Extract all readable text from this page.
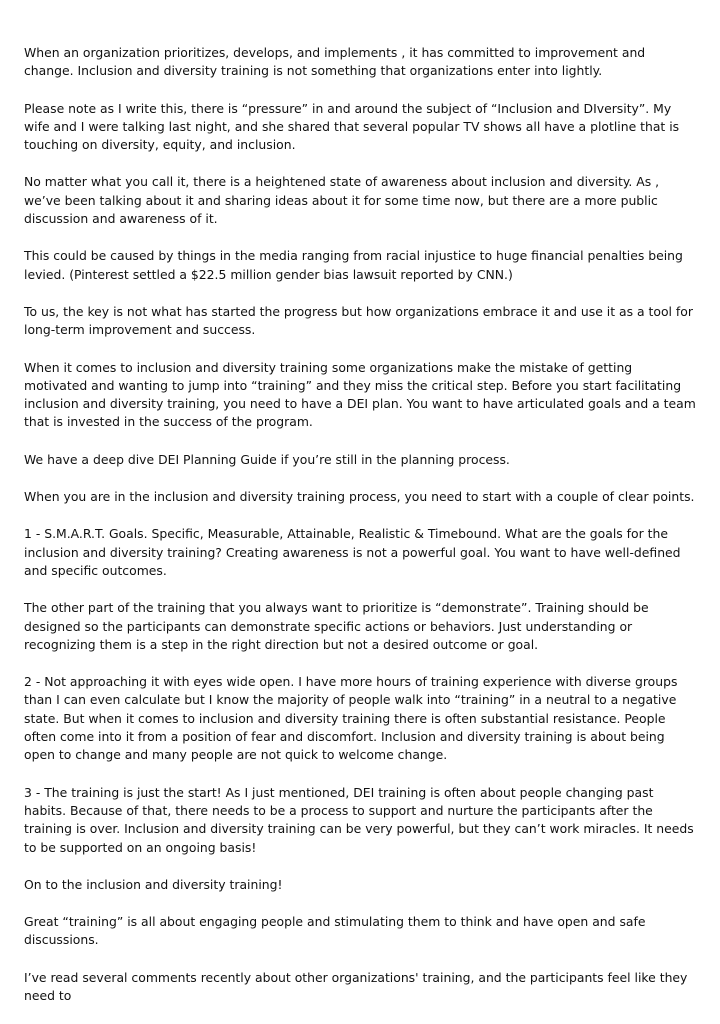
When an organization prioritizes, develops, and implements , it has committed to improvement and change. Inclusion and diversity training is not something that organizations enter into lightly.

Please note as I write this, there is “pressure” in and around the subject of “Inclusion and DIversity”. My wife and I were talking last night, and she shared that several popular TV shows all have a plotline that is touching on diversity, equity, and inclusion.

No matter what you call it, there is a heightened state of awareness about inclusion and diversity. As , we’ve been talking about it and sharing ideas about it for some time now, but there are a more public discussion and awareness of it.

This could be caused by things in the media ranging from racial injustice to huge financial penalties being levied. (Pinterest settled a $22.5 million gender bias lawsuit reported by CNN.)

To us, the key is not what has started the progress but how organizations embrace it and use it as a tool for long-term improvement and success.

When it comes to inclusion and diversity training some organizations make the mistake of getting motivated and wanting to jump into “training” and they miss the critical step. Before you start facilitating inclusion and diversity training, you need to have a DEI plan. You want to have articulated goals and a team that is invested in the success of the program.

We have a deep dive DEI Planning Guide if you’re still in the planning process.

When you are in the inclusion and diversity training process, you need to start with a couple of clear points.

1 - S.M.A.R.T. Goals. Specific, Measurable, Attainable, Realistic & Timebound. What are the goals for the inclusion and diversity training? Creating awareness is not a powerful goal. You want to have well-defined and specific outcomes.

The other part of the training that you always want to prioritize is “demonstrate”. Training should be designed so the participants can demonstrate specific actions or behaviors. Just understanding or recognizing them is a step in the right direction but not a desired outcome or goal.

2 - Not approaching it with eyes wide open. I have more hours of training experience with diverse groups than I can even calculate but I know the majority of people walk into “training” in a neutral to a negative state. But when it comes to inclusion and diversity training there is often substantial resistance. People often come into it from a position of fear and discomfort. Inclusion and diversity training is about being open to change and many people are not quick to welcome change.

3 - The training is just the start! As I just mentioned, DEI training is often about people changing past habits. Because of that, there needs to be a process to support and nurture the participants after the training is over. Inclusion and diversity training can be very powerful, but they can’t work miracles. It needs to be supported on an ongoing basis!

On to the inclusion and diversity training!

Great “training” is all about engaging people and stimulating them to think and have open and safe discussions.

I’ve read several comments recently about other organizations' training, and the participants feel like they need to
